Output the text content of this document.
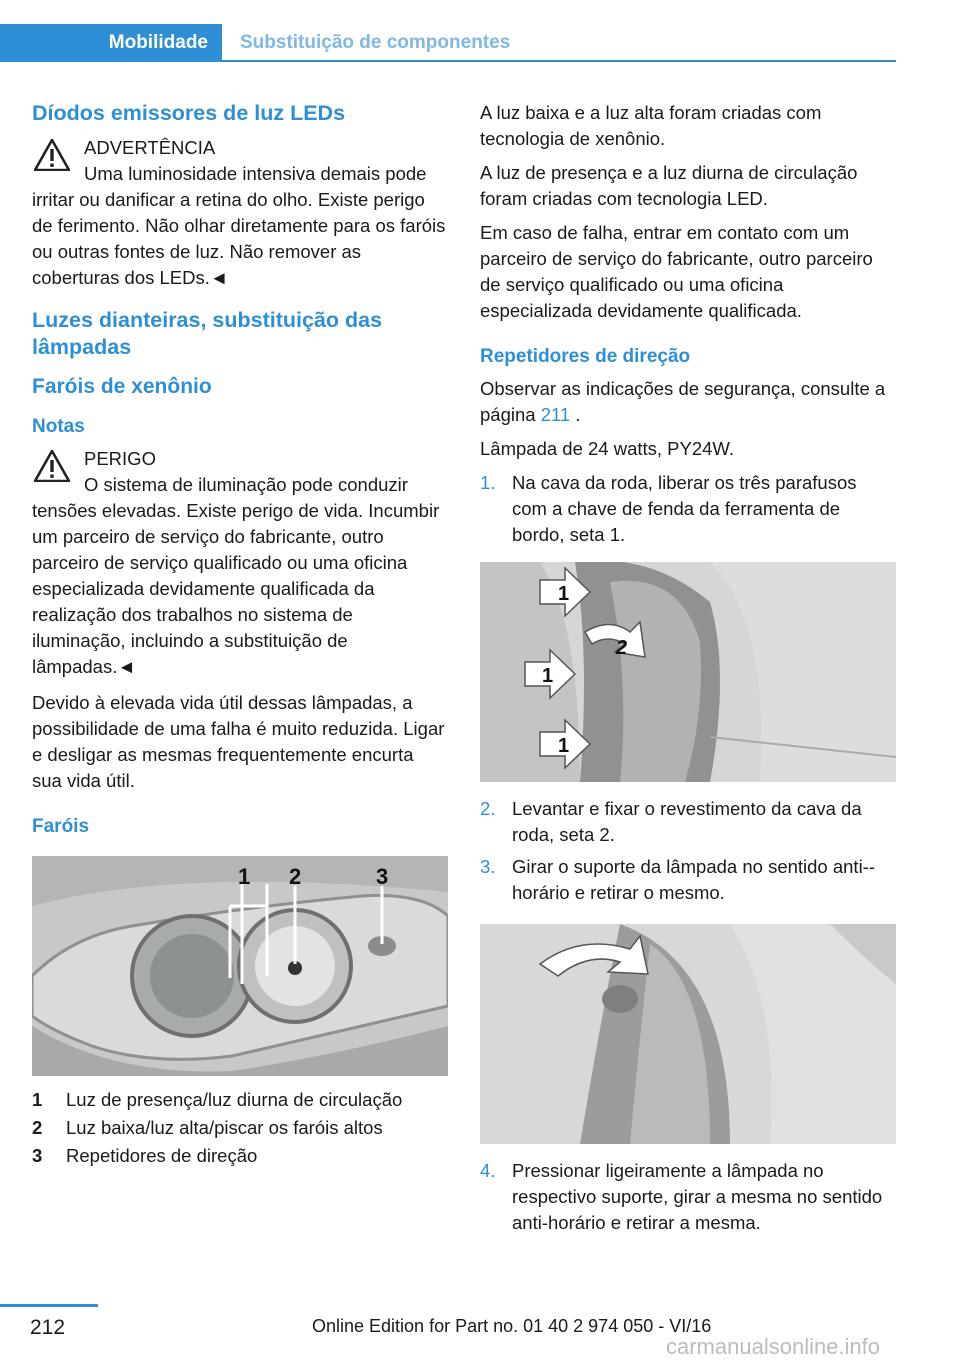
Mobilidade Substituição de componentes
Díodos emissores de luz LEDs

ADVERTÊNCIA

Uma luminosidade intensiva demais pode irritar ou danificar a retina do olho. Existe perigo de ferimento. Não olhar diretamente para os faróis ou outras fontes de luz. Não remover as coberturas dos LEDs.◄

Luzes dianteiras, substituição das lâmpadas
Faróis de xenônio
Notas

PERIGO

O sistema de iluminação pode conduzir tensões elevadas. Existe perigo de vida. Incumbir um parceiro de serviço do fabricante, outro parceiro de serviço qualificado ou uma oficina especializada devidamente qualificada da realização dos trabalhos no sistema de iluminação, incluindo a substituição de lâmpadas.◄

Devido à elevada vida útil dessas lâmpadas, a possibilidade de uma falha é muito reduzida. Ligar e desligar as mesmas frequentemente encurta sua vida útil.

Faróis
1 2	3
1 Luz de presença/luz diurna de circulação
2 Luz baixa/luz alta/piscar os faróis altos
3 Repetidores de direção

A luz baixa e a luz alta foram criadas com tecnologia de xenônio.

A luz de presença e a luz diurna de circulação foram criadas com tecnologia LED.

Em caso de falha, entrar em contato com um parceiro de serviço do fabricante, outro parceiro de serviço qualificado ou uma oficina especializada devidamente qualificada.

Repetidores de direção

Observar as indicações de segurança, consulte a página 211 .

Lâmpada de 24 watts, PY24W.

1. Na cava da roda, liberar os três parafusos com a chave de fenda da ferramenta de bordo, seta 1.
1
2
1
1
2. Levantar e fixar o revestimento da cava da roda, seta 2.
3. Girar o suporte da lâmpada no sentido anti--horário e retirar o mesmo.
4. Pressionar ligeiramente a lâmpada no respectivo suporte, girar a mesma no sentido anti-horário e retirar a mesma.
212	Online Edition for Part no. 01 40 2 974 050 - VI/16
carmanualsonline.info
